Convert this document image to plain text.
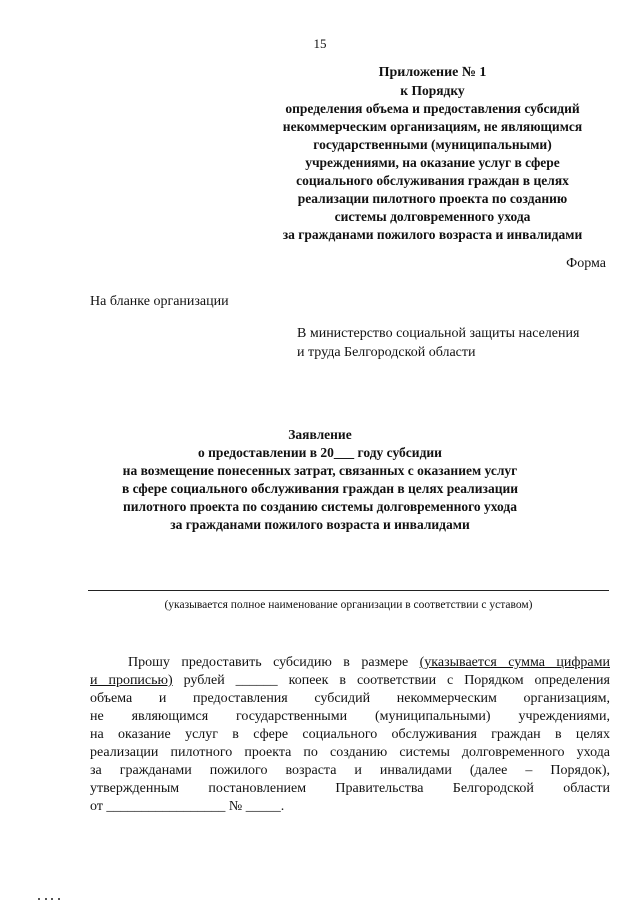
15
Приложение № 1
к Порядку
определения объема и предоставления субсидий
некоммерческим организациям, не являющимся
государственными (муниципальными)
учреждениями, на оказание услуг в сфере
социального обслуживания граждан в целях
реализации пилотного проекта по созданию
системы долговременного ухода
за гражданами пожилого возраста и инвалидами
Форма
На бланке организации
В министерство социальной защиты населения
и труда Белгородской области
Заявление
о предоставлении в 20___ году субсидии
на возмещение понесенных затрат, связанных с оказанием услуг
в сфере социального обслуживания граждан в целях реализации
пилотного проекта по созданию системы долговременного ухода
за гражданами пожилого возраста и инвалидами
(указывается полное наименование организации в соответствии с уставом)
Прошу предоставить субсидию в размере (указывается сумма цифрами
и прописью) рублей ______ копеек в соответствии с Порядком определения
объема и предоставления субсидий некоммерческим организациям,
не являющимся государственными (муниципальными) учреждениями,
на оказание услуг в сфере социального обслуживания граждан в целях
реализации пилотного проекта по созданию системы долговременного ухода
за гражданами пожилого возраста и инвалидами (далее – Порядок),
утвержденным постановлением Правительства Белгородской области
от _________________ № _____.
